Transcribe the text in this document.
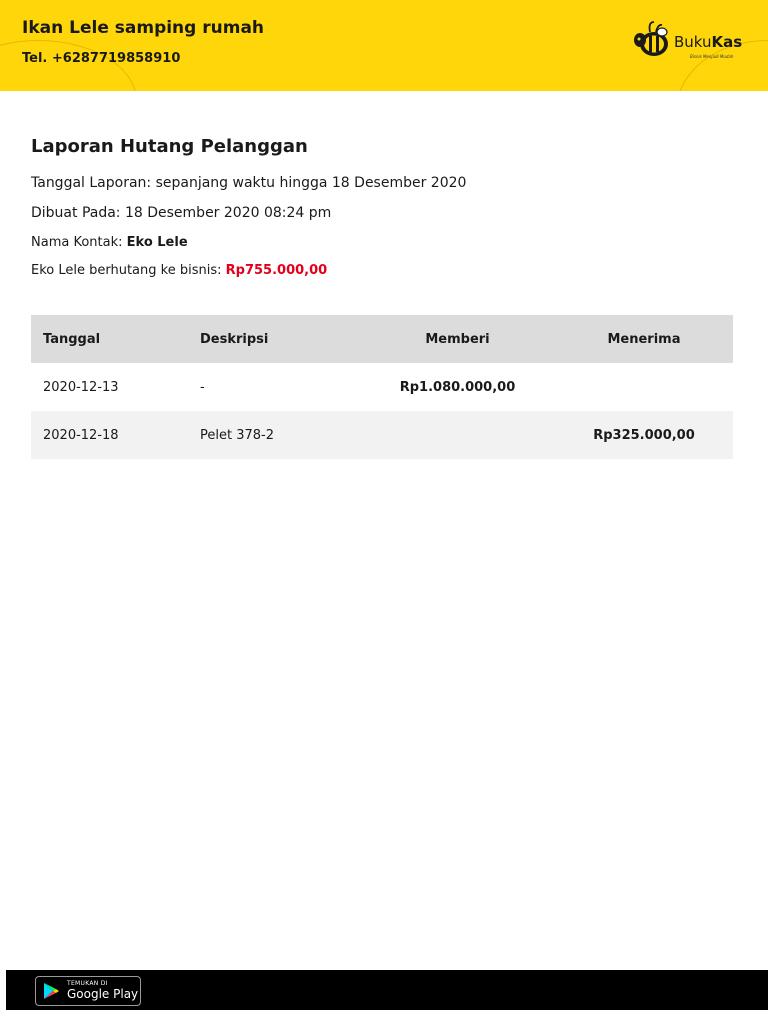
Ikan Lele samping rumah
Tel. +6287719858910
BukuKas
Bisnis Menjadi Mudah
Laporan Hutang Pelanggan
Tanggal Laporan: sepanjang waktu hingga 18 Desember 2020
Dibuat Pada: 18 Desember 2020 08:24 pm
Nama Kontak: Eko Lele
Eko Lele berhutang ke bisnis: Rp755.000,00
Tanggal	Deskripsi	Memberi	Menerima
2020-12-13	-	Rp1.080.000,00	
2020-12-18	Pelet 378-2		Rp325.000,00
TEMUKAN DI
Google Play
